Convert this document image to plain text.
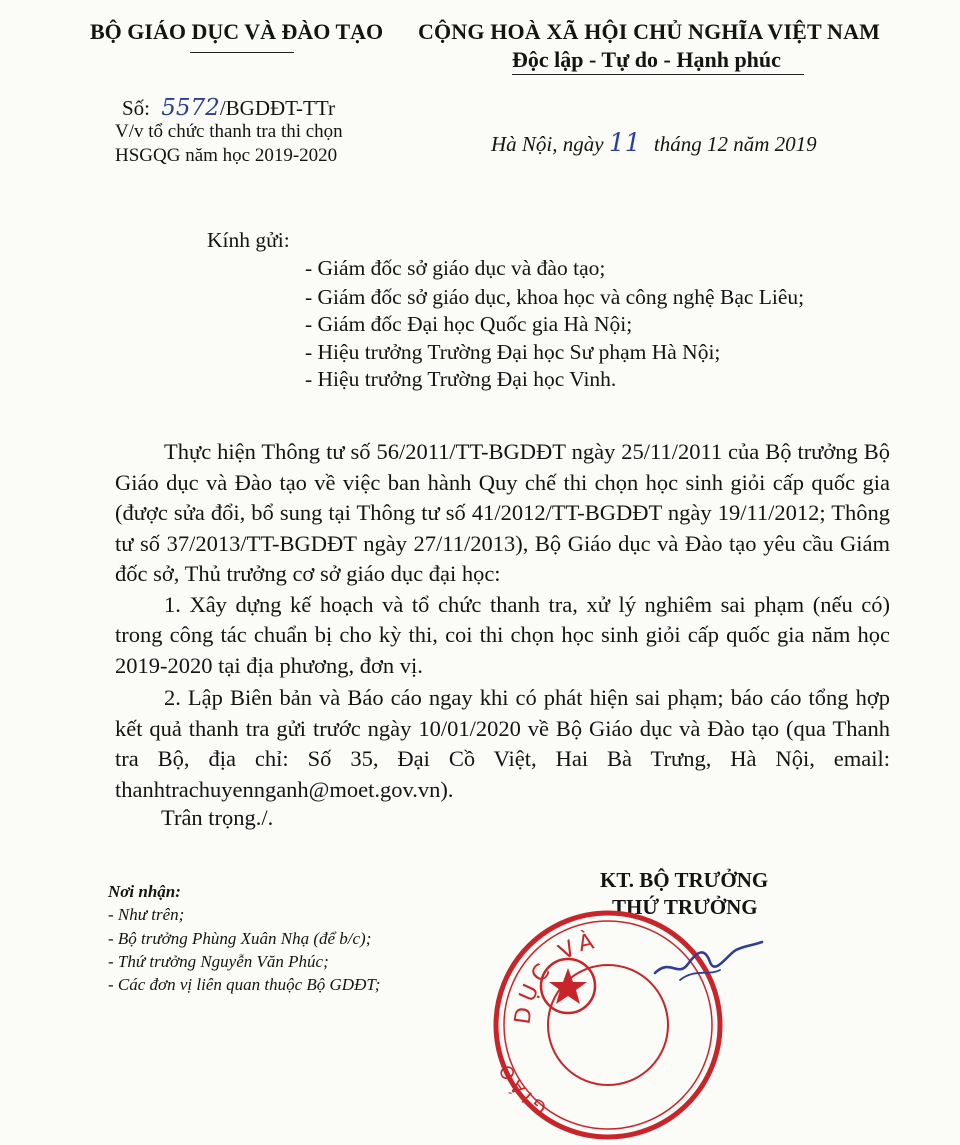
BỘ GIÁO DỤC VÀ ĐÀO TẠO CỘNG HOÀ XÃ HỘI CHỦ NGHĨA VIỆT NAM
Độc lập - Tự do - Hạnh phúc
Số: 5572/BGDĐT-TTr
V/v tổ chức thanh tra thi chọn
HSGQG năm học 2019-2020	Hà Nội, ngày 11 tháng 12 năm 2019
Kính gửi:
- Giám đốc sở giáo dục và đào tạo;
- Giám đốc sở giáo dục, khoa học và công nghệ Bạc Liêu;
- Giám đốc Đại học Quốc gia Hà Nội;
- Hiệu trưởng Trường Đại học Sư phạm Hà Nội;
- Hiệu trưởng Trường Đại học Vinh.

Thực hiện Thông tư số 56/2011/TT-BGDĐT ngày 25/11/2011 của Bộ trưởng Bộ Giáo dục và Đào tạo về việc ban hành Quy chế thi chọn học sinh giỏi cấp quốc gia (được sửa đổi, bổ sung tại Thông tư số 41/2012/TT-BGDĐT ngày 19/11/2012; Thông tư số 37/2013/TT-BGDĐT ngày 27/11/2013), Bộ Giáo dục và Đào tạo yêu cầu Giám đốc sở, Thủ trưởng cơ sở giáo dục đại học:

1. Xây dựng kế hoạch và tổ chức thanh tra, xử lý nghiêm sai phạm (nếu có) trong công tác chuẩn bị cho kỳ thi, coi thi chọn học sinh giỏi cấp quốc gia năm học 2019-2020 tại địa phương, đơn vị.

2. Lập Biên bản và Báo cáo ngay khi có phát hiện sai phạm; báo cáo tổng hợp kết quả thanh tra gửi trước ngày 10/01/2020 về Bộ Giáo dục và Đào tạo (qua Thanh tra Bộ, địa chỉ: Số 35, Đại Cồ Việt, Hai Bà Trưng, Hà Nội, email: thanhtrachuyennganh@moet.gov.vn).

Trân trọng./.
Nơi nhận:
- Như trên;
- Bộ trưởng Phùng Xuân Nhạ (để b/c);
- Thứ trưởng Nguyễn Văn Phúc;
- Các đơn vị liên quan thuộc Bộ GDĐT;
KT. BỘ TRƯỞNG
THỨ TRƯỞNG
DỤC VÀ
GIÁO
